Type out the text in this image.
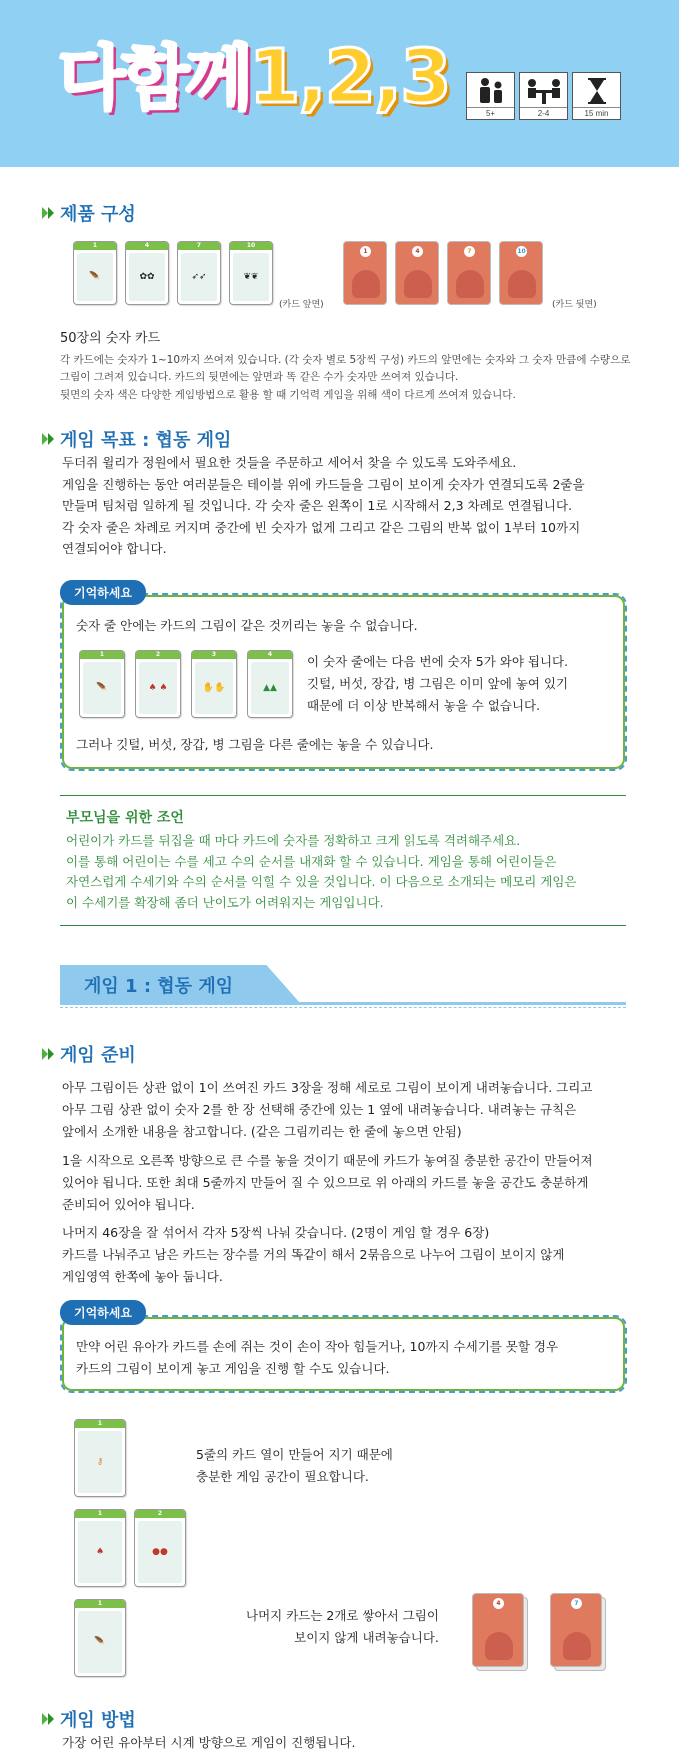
다함께1,2,3	5+	2-4	15 min
제품 구성
1
🪶
4
✿✿
7
➶➶
10
❦❦
(카드 앞면)
1	4	7	10
(카드 뒷면)
50장의 숫자 카드
각 카드에는 숫자가 1~10까지 쓰여져 있습니다. (각 숫자 별로 5장씩 구성) 카드의 앞면에는 숫자와 그 숫자 만큼에 수량으로
그림이 그려져 있습니다. 카드의 뒷면에는 앞면과 똑 같은 수가 숫자만 쓰여져 있습니다.
뒷면의 숫자 색은 다양한 게임방법으로 활용 할 때 기억력 게임을 위해 색이 다르게 쓰여져 있습니다.
게임 목표 : 협동 게임
두더쥐 윌리가 정원에서 필요한 것들을 주문하고 세어서 찾을 수 있도록 도와주세요.
게임을 진행하는 동안 여러분들은 테이블 위에 카드들을 그림이 보이게 숫자가 연결되도록 2줄을
만들며 팀처럼 일하게 될 것입니다. 각 숫자 줄은 왼쪽이 1로 시작해서 2,3 차례로 연결됩니다.
각 숫자 줄은 차례로 커지며 중간에 빈 숫자가 없게 그리고 같은 그림의 반복 없이 1부터 10까지
연결되어야 합니다.
기억하세요
숫자 줄 안에는 카드의 그림이 같은 것끼리는 놓을 수 없습니다.
1
🪶
2
♠ ♠
3
✋✋
4
▲▲
이 숫자 줄에는 다음 번에 숫자 5가 와야 됩니다.
깃털, 버섯, 장갑, 병 그림은 이미 앞에 놓여 있기
때문에 더 이상 반복해서 놓을 수 없습니다.
그러나 깃털, 버섯, 장갑, 병 그림을 다른 줄에는 놓을 수 있습니다.
부모님을 위한 조언
어린이가 카드를 뒤집을 때 마다 카드에 숫자를 정확하고 크게 읽도록 격려해주세요.
이를 통해 어린이는 수를 세고 수의 순서를 내재화 할 수 있습니다. 게임을 통해 어린이들은
자연스럽게 수세기와 수의 순서를 익힐 수 있을 것입니다. 이 다음으로 소개되는 메모리 게임은
이 수세기를 확장해 좀더 난이도가 어려워지는 게임입니다.
게임 1 : 협동 게임
게임 준비
아무 그림이든 상관 없이 1이 쓰여진 카드 3장을 정해 세로로 그림이 보이게 내려놓습니다. 그리고
아무 그림 상관 없이 숫자 2를 한 장 선택해 중간에 있는 1 옆에 내려놓습니다. 내려놓는 규칙은
앞에서 소개한 내용을 참고합니다. (같은 그림끼리는 한 줄에 놓으면 안됨)
1을 시작으로 오른쪽 방향으로 큰 수를 놓을 것이기 때문에 카드가 놓여질 충분한 공간이 만들어져
있어야 됩니다. 또한 최대 5줄까지 만들어 질 수 있으므로 위 아래의 카드를 놓을 공간도 충분하게
준비되어 있어야 됩니다.
나머지 46장을 잘 섞어서 각자 5장씩 나눠 갖습니다. (2명이 게임 할 경우 6장)
카드를 나눠주고 남은 카드는 장수를 거의 똑같이 해서 2묶음으로 나누어 그림이 보이지 않게
게임영역 한쪽에 놓아 둡니다.
기억하세요
만약 어린 유아가 카드를 손에 쥐는 것이 손이 작아 힘들거나, 10까지 수세기를 못할 경우
카드의 그림이 보이게 놓고 게임을 진행 할 수도 있습니다.
1
⚷
1
♠
2
●●
1
🪶
5줄의 카드 열이 만들어 지기 때문에
충분한 게임 공간이 필요합니다.
나머지 카드는 2개로 쌓아서 그림이
보이지 않게 내려놓습니다.
4	7
게임 방법
가장 어린 유아부터 시계 방향으로 게임이 진행됩니다.
